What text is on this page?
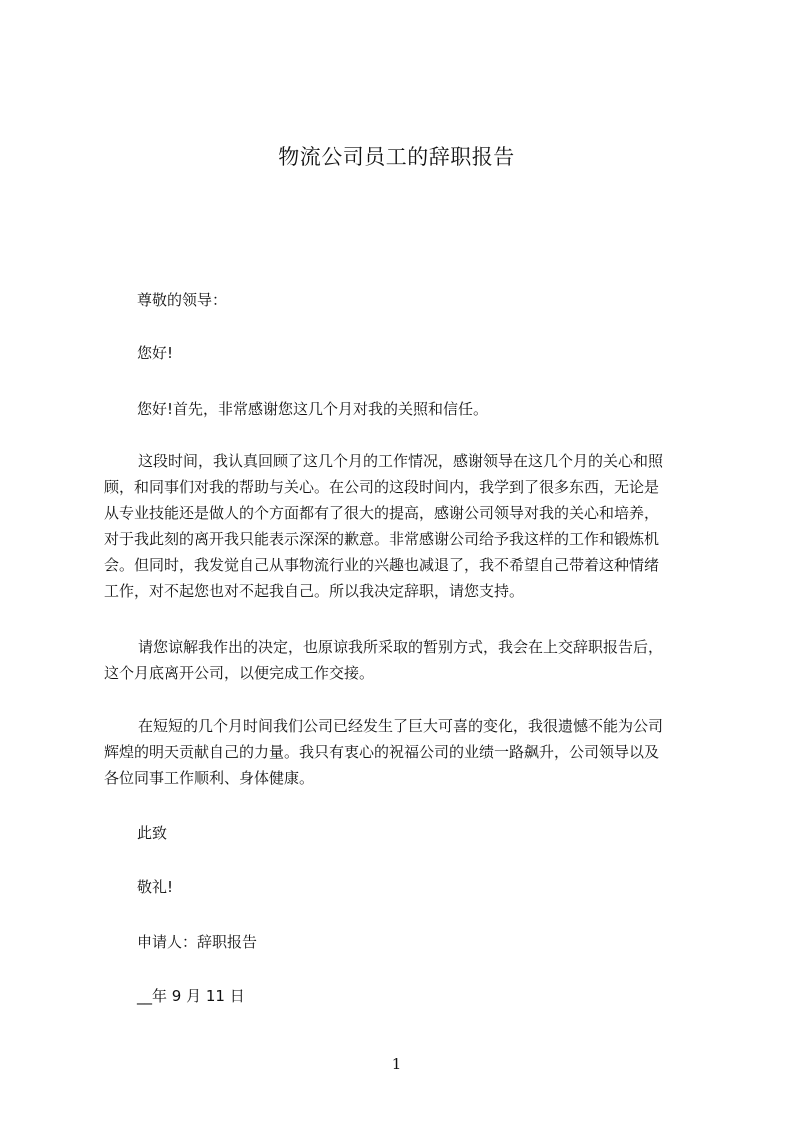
物流公司员工的辞职报告

尊敬的领导：

您好!

您好!首先，非常感谢您这几个月对我的关照和信任。

这段时间，我认真回顾了这几个月的工作情况，感谢领导在这几个月的关心和照

顾，和同事们对我的帮助与关心。在公司的这段时间内，我学到了很多东西，无论是

从专业技能还是做人的个方面都有了很大的提高，感谢公司领导对我的关心和培养，

对于我此刻的离开我只能表示深深的歉意。非常感谢公司给予我这样的工作和锻炼机

会。但同时，我发觉自己从事物流行业的兴趣也减退了，我不希望自己带着这种情绪

工作，对不起您也对不起我自己。所以我决定辞职，请您支持。

请您谅解我作出的决定，也原谅我所采取的暂别方式，我会在上交辞职报告后，

这个月底离开公司，以便完成工作交接。

在短短的几个月时间我们公司已经发生了巨大可喜的变化，我很遗憾不能为公司

辉煌的明天贡献自己的力量。我只有衷心的祝福公司的业绩一路飙升，公司领导以及

各位同事工作顺利、身体健康。

此致

敬礼!

申请人：辞职报告

__年 9 月 11 日

1
